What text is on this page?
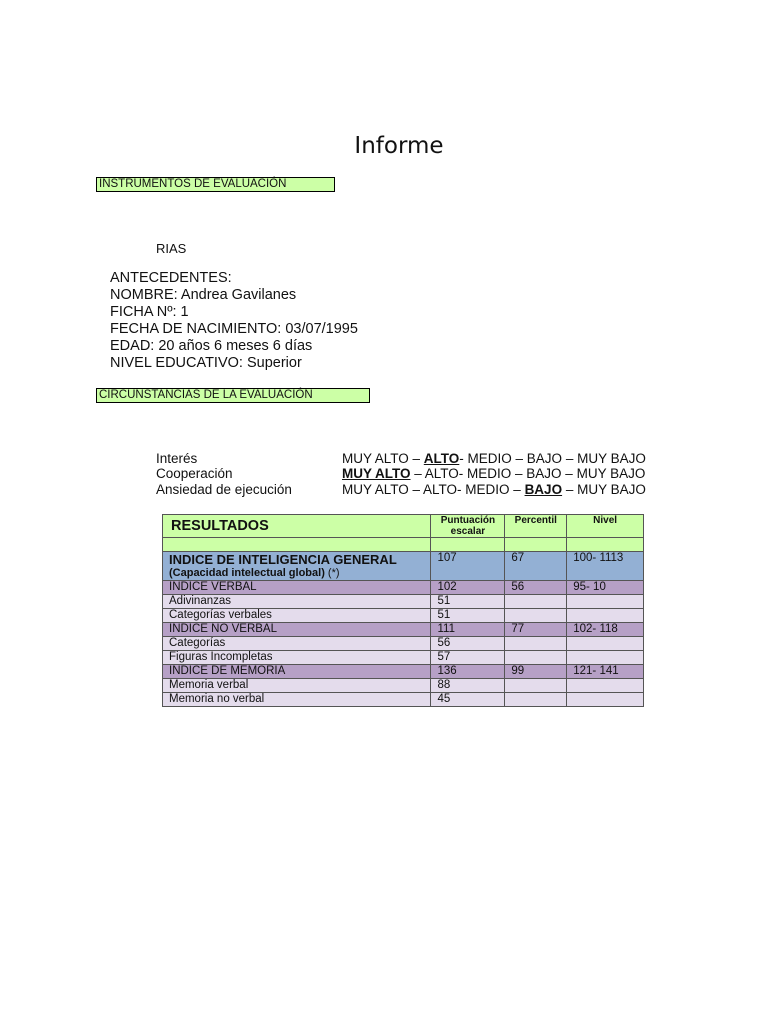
Informe
INSTRUMENTOS DE EVALUACIÓN
RIAS
ANTECEDENTES:
NOMBRE: Andrea Gavilanes
FICHA Nº: 1
FECHA DE NACIMIENTO: 03/07/1995
EDAD: 20 años 6 meses 6 días
NIVEL EDUCATIVO: Superior
CIRCUNSTANCIAS DE LA EVALUACIÓN
Interés	MUY ALTO – ALTO- MEDIO – BAJO – MUY BAJO
Cooperación	MUY ALTO – ALTO- MEDIO – BAJO – MUY BAJO
Ansiedad de ejecución	MUY ALTO – ALTO- MEDIO – BAJO – MUY BAJO
RESULTADOS	Puntuación escalar	Percentil	Nivel

INDICE DE INTELIGENCIA GENERAL
(Capacidad intelectual global) (*)	107	67	100- 1113
INDICE VERBAL	102	56	95- 10
Adivinanzas	51		
Categorías verbales	51		
INDICE NO VERBAL	111	77	102- 118
Categorías	56		
Figuras Incompletas	57		
INDICE DE MEMORIA	136	99	121- 141
Memoria verbal	88		
Memoria no verbal	45		
